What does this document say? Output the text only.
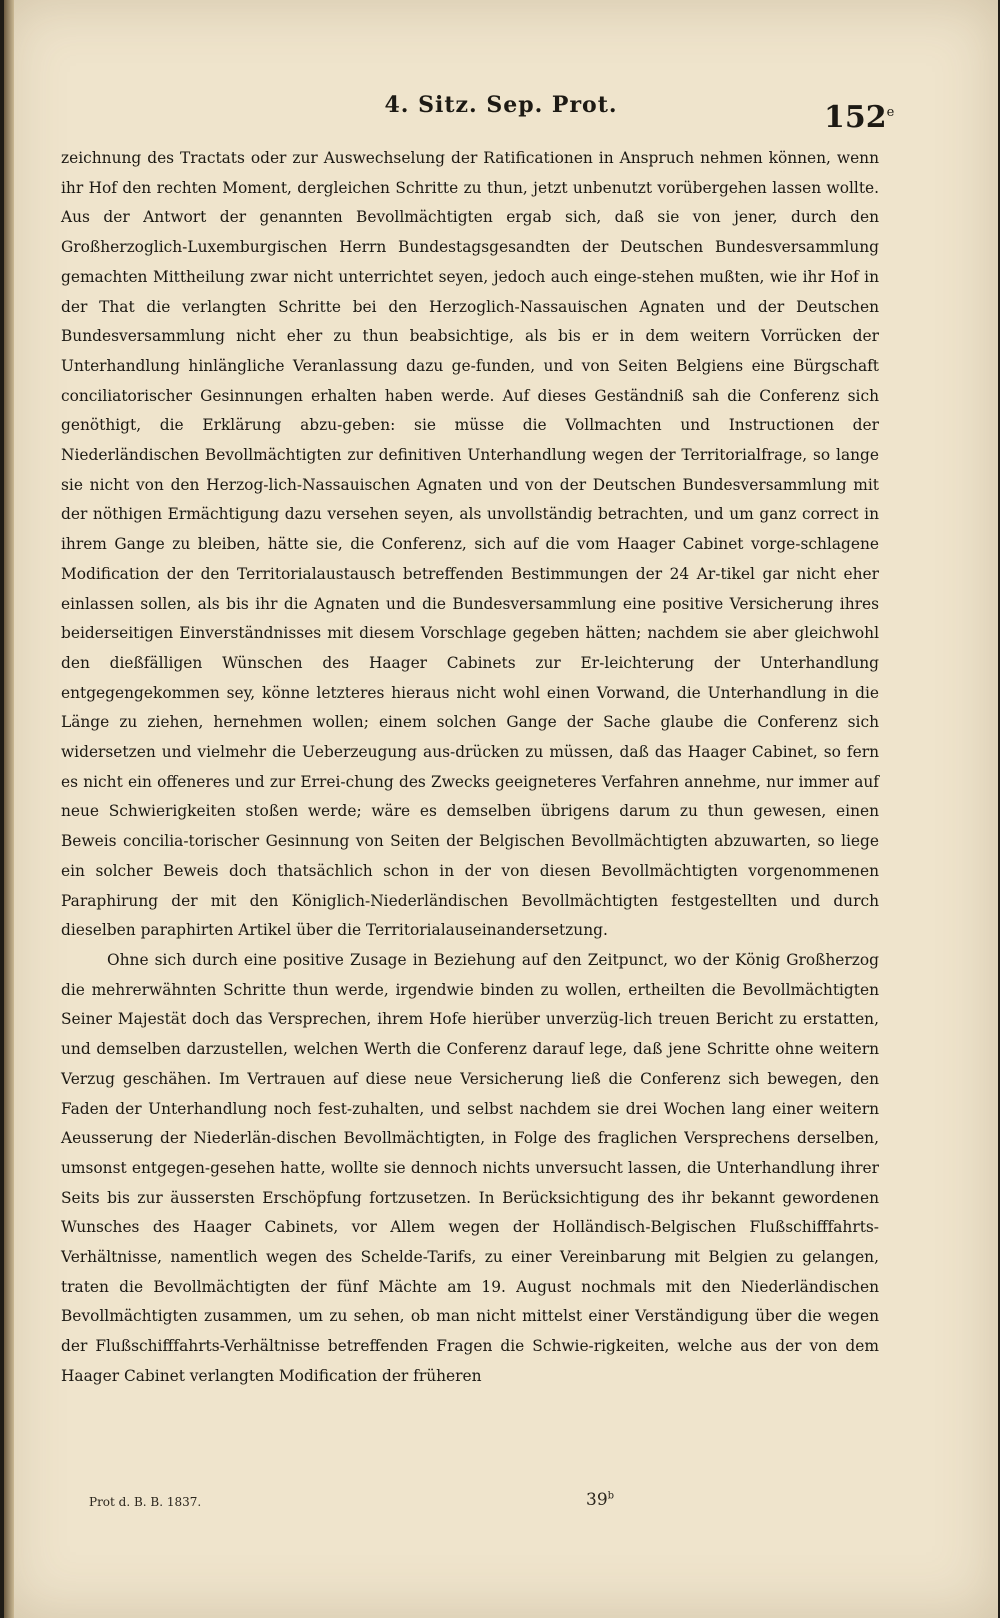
4. Sitz. Sep. Prot.	152e

zeichnung des Tractats oder zur Auswechselung der Ratificationen in Anspruch nehmen können, wenn ihr Hof den rechten Moment, dergleichen Schritte zu thun, jetzt unbenutzt vorübergehen lassen wollte. Aus der Antwort der genannten Bevollmächtigten ergab sich, daß sie von jener, durch den Großherzoglich-Luxemburgischen Herrn Bundestagsgesandten der Deutschen Bundesversammlung gemachten Mittheilung zwar nicht unterrichtet seyen, jedoch auch einge-stehen mußten, wie ihr Hof in der That die verlangten Schritte bei den Herzoglich-Nassauischen Agnaten und der Deutschen Bundesversammlung nicht eher zu thun beabsichtige, als bis er in dem weitern Vorrücken der Unterhandlung hinlängliche Veranlassung dazu ge-funden, und von Seiten Belgiens eine Bürgschaft conciliatorischer Gesinnungen erhalten haben werde. Auf dieses Geständniß sah die Conferenz sich genöthigt, die Erklärung abzu-geben: sie müsse die Vollmachten und Instructionen der Niederländischen Bevollmächtigten zur definitiven Unterhandlung wegen der Territorialfrage, so lange sie nicht von den Herzog-lich-Nassauischen Agnaten und von der Deutschen Bundesversammlung mit der nöthigen Ermächtigung dazu versehen seyen, als unvollständig betrachten, und um ganz correct in ihrem Gange zu bleiben, hätte sie, die Conferenz, sich auf die vom Haager Cabinet vorge-schlagene Modification der den Territorialaustausch betreffenden Bestimmungen der 24 Ar-tikel gar nicht eher einlassen sollen, als bis ihr die Agnaten und die Bundesversammlung eine positive Versicherung ihres beiderseitigen Einverständnisses mit diesem Vorschlage gegeben hätten; nachdem sie aber gleichwohl den dießfälligen Wünschen des Haager Cabinets zur Er-leichterung der Unterhandlung entgegengekommen sey, könne letzteres hieraus nicht wohl einen Vorwand, die Unterhandlung in die Länge zu ziehen, hernehmen wollen; einem solchen Gange der Sache glaube die Conferenz sich widersetzen und vielmehr die Ueberzeugung aus-drücken zu müssen, daß das Haager Cabinet, so fern es nicht ein offeneres und zur Errei-chung des Zwecks geeigneteres Verfahren annehme, nur immer auf neue Schwierigkeiten stoßen werde; wäre es demselben übrigens darum zu thun gewesen, einen Beweis concilia-torischer Gesinnung von Seiten der Belgischen Bevollmächtigten abzuwarten, so liege ein solcher Beweis doch thatsächlich schon in der von diesen Bevollmächtigten vorgenommenen Paraphirung der mit den Königlich-Niederländischen Bevollmächtigten festgestellten und durch dieselben paraphirten Artikel über die Territorialauseinandersetzung.

Ohne sich durch eine positive Zusage in Beziehung auf den Zeitpunct, wo der König Großherzog die mehrerwähnten Schritte thun werde, irgendwie binden zu wollen, ertheilten die Bevollmächtigten Seiner Majestät doch das Versprechen, ihrem Hofe hierüber unverzüg-lich treuen Bericht zu erstatten, und demselben darzustellen, welchen Werth die Conferenz darauf lege, daß jene Schritte ohne weitern Verzug geschähen. Im Vertrauen auf diese neue Versicherung ließ die Conferenz sich bewegen, den Faden der Unterhandlung noch fest-zuhalten, und selbst nachdem sie drei Wochen lang einer weitern Aeusserung der Niederlän-dischen Bevollmächtigten, in Folge des fraglichen Versprechens derselben, umsonst entgegen-gesehen hatte, wollte sie dennoch nichts unversucht lassen, die Unterhandlung ihrer Seits bis zur äussersten Erschöpfung fortzusetzen. In Berücksichtigung des ihr bekannt gewordenen Wunsches des Haager Cabinets, vor Allem wegen der Holländisch-Belgischen Flußschifffahrts-Verhältnisse, namentlich wegen des Schelde-Tarifs, zu einer Vereinbarung mit Belgien zu gelangen, traten die Bevollmächtigten der fünf Mächte am 19. August nochmals mit den Niederländischen Bevollmächtigten zusammen, um zu sehen, ob man nicht mittelst einer Verständigung über die wegen der Flußschifffahrts-Verhältnisse betreffenden Fragen die Schwie-rigkeiten, welche aus der von dem Haager Cabinet verlangten Modification der früheren

Prot d. B. B. 1837.	39$^b$
